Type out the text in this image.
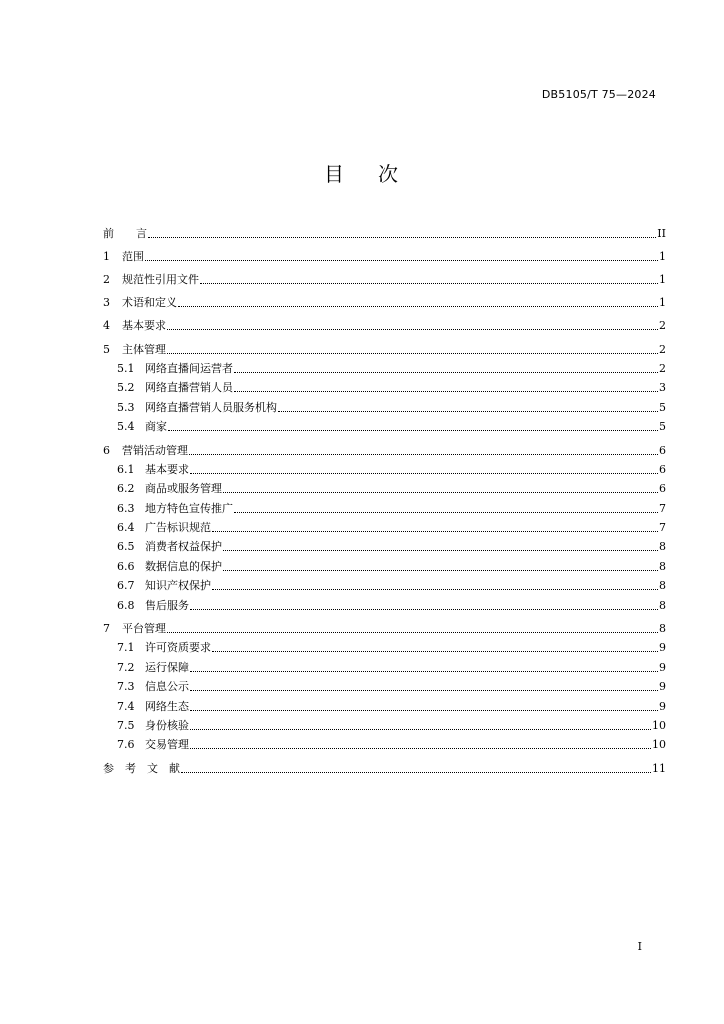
DB5105/T 75—2024
目 次
前　　言	II
1	范围	1
2	规范性引用文件	1
3	术语和定义	1
4	基本要求	2
5	主体管理	2
5.1 网络直播间运营者	2
5.2 网络直播营销人员	3
5.3 网络直播营销人员服务机构	5
5.4 商家	5
6	营销活动管理	6
6.1 基本要求	6
6.2 商品或服务管理	6
6.3 地方特色宣传推广	7
6.4 广告标识规范	7
6.5 消费者权益保护	8
6.6 数据信息的保护	8
6.7 知识产权保护	8
6.8 售后服务	8
7	平台管理	8
7.1 许可资质要求	9
7.2 运行保障	9
7.3 信息公示	9
7.4 网络生态	9
7.5 身份核验	10
7.6 交易管理	10
参　考　文　献	11
I
